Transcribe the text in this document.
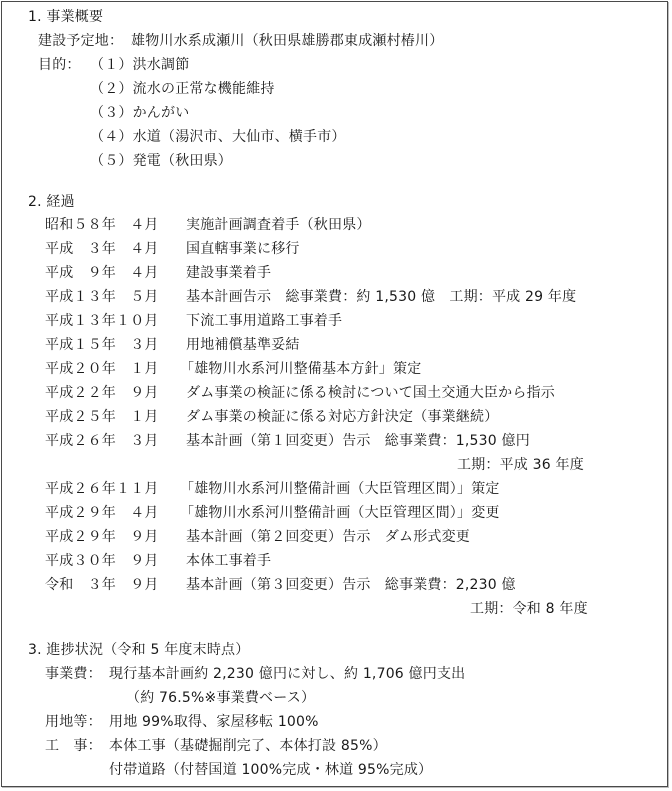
1. 事業概要
建設予定地： 雄物川水系成瀬川（秋田県雄勝郡東成瀬村椿川）
目的： （１）洪水調節
（２）流水の正常な機能維持
（３）かんがい
（４）水道（湯沢市、大仙市、横手市）
（５）発電（秋田県）
2. 経過
昭和５８年　４月 実施計画調査着手（秋田県）
平成　３年　４月 国直轄事業に移行
平成　９年　４月 建設事業着手
平成１３年　５月 基本計画告示　総事業費：約 1,530 億　工期：平成 29 年度
平成１３年１０月 下流工事用道路工事着手
平成１５年　３月 用地補償基準妥結
平成２０年　１月 「雄物川水系河川整備基本方針」策定
平成２２年　９月 ダム事業の検証に係る検討について国土交通大臣から指示
平成２５年　１月 ダム事業の検証に係る対応方針決定（事業継続）
平成２６年　３月 基本計画（第１回変更）告示　総事業費：1,530 億円
工期：平成 36 年度
平成２６年１１月 「雄物川水系河川整備計画（大臣管理区間）」策定
平成２９年　４月 「雄物川水系河川整備計画（大臣管理区間）」変更
平成２９年　９月 基本計画（第２回変更）告示　ダム形式変更
平成３０年　９月 本体工事着手
令和　３年　９月 基本計画（第３回変更）告示　総事業費：2,230 億
工期：令和 8 年度
3. 進捗状況（令和 5 年度末時点）
事業費： 現行基本計画約 2,230 億円に対し、約 1,706 億円支出
（約 76.5%※事業費ベース）
用地等： 用地 99%取得、家屋移転 100%
工　事： 本体工事（基礎掘削完了、本体打設 85%）
付帯道路（付替国道 100%完成・林道 95%完成）
